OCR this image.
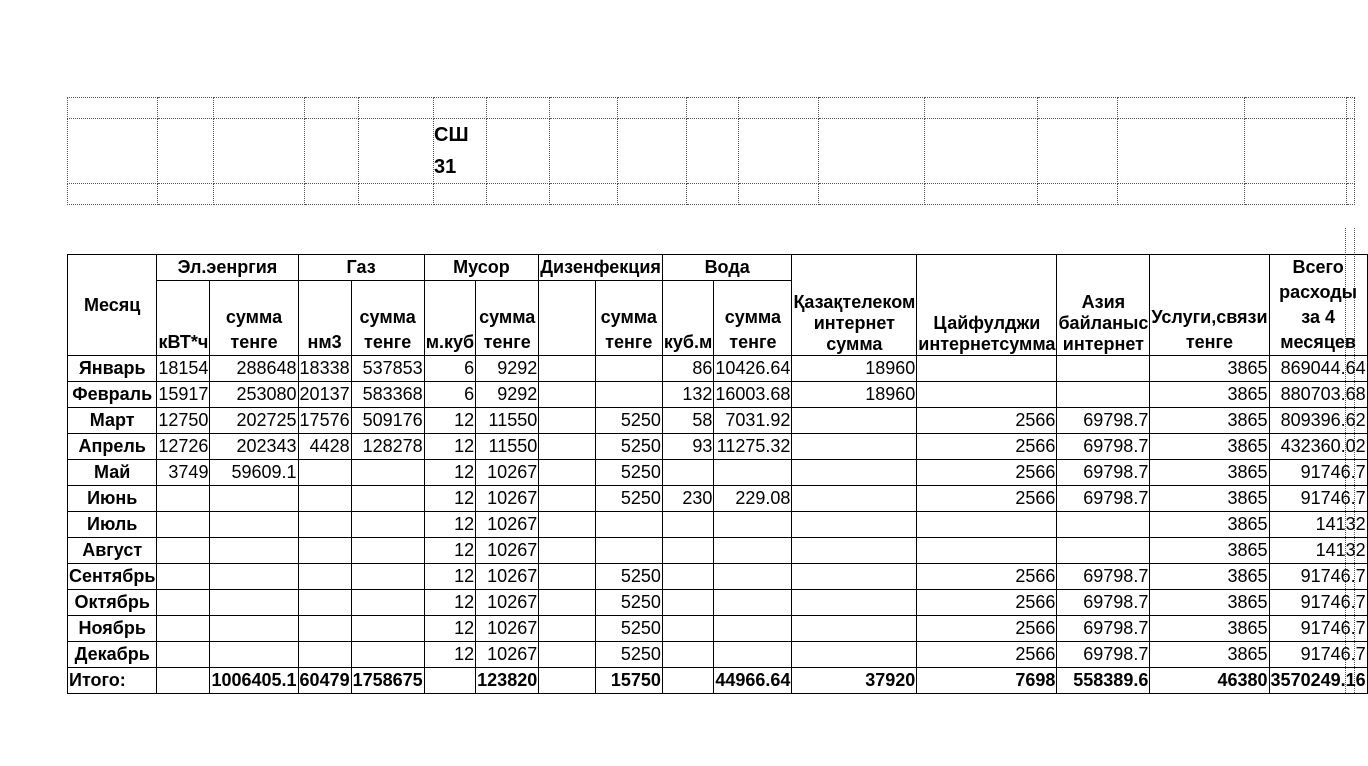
					СШ 31											

Месяц	Эл.эенргия		Газ		Мусор		Дизенфекция		Вода		Қазақтелеком интернет сумма	Цайфулджи интернетсумма	Азия байланыс интернет	Услуги,связи тенге	Всего расходы за 4 месяцев
	кВТ*ч	сумма тенге	нм3	сумма тенге	м.куб	сумма тенге		сумма тенге	куб.м	сумма тенге					
Январь	18154	288648	18338	537853	6	9292			86	10426.64	18960			3865	869044.64
Февраль	15917	253080	20137	583368	6	9292			132	16003.68	18960			3865	880703.68
Март	12750	202725	17576	509176	12	11550		5250	58	7031.92		2566	69798.7	3865	809396.62
Апрель	12726	202343	4428	128278	12	11550		5250	93	11275.32		2566	69798.7	3865	432360.02
Май	3749	59609.1			12	10267		5250				2566	69798.7	3865	91746.7
Июнь					12	10267		5250	230	229.08		2566	69798.7	3865	91746.7
Июль					12	10267								3865	14132
Август					12	10267								3865	14132
Сентябрь					12	10267		5250				2566	69798.7	3865	91746.7
Октябрь					12	10267		5250				2566	69798.7	3865	91746.7
Ноябрь					12	10267		5250				2566	69798.7	3865	91746.7
Декабрь					12	10267		5250				2566	69798.7	3865	91746.7
Итого:		1006405.1	60479	1758675		123820		15750		44966.64	37920	7698	558389.6	46380	3570249.16
